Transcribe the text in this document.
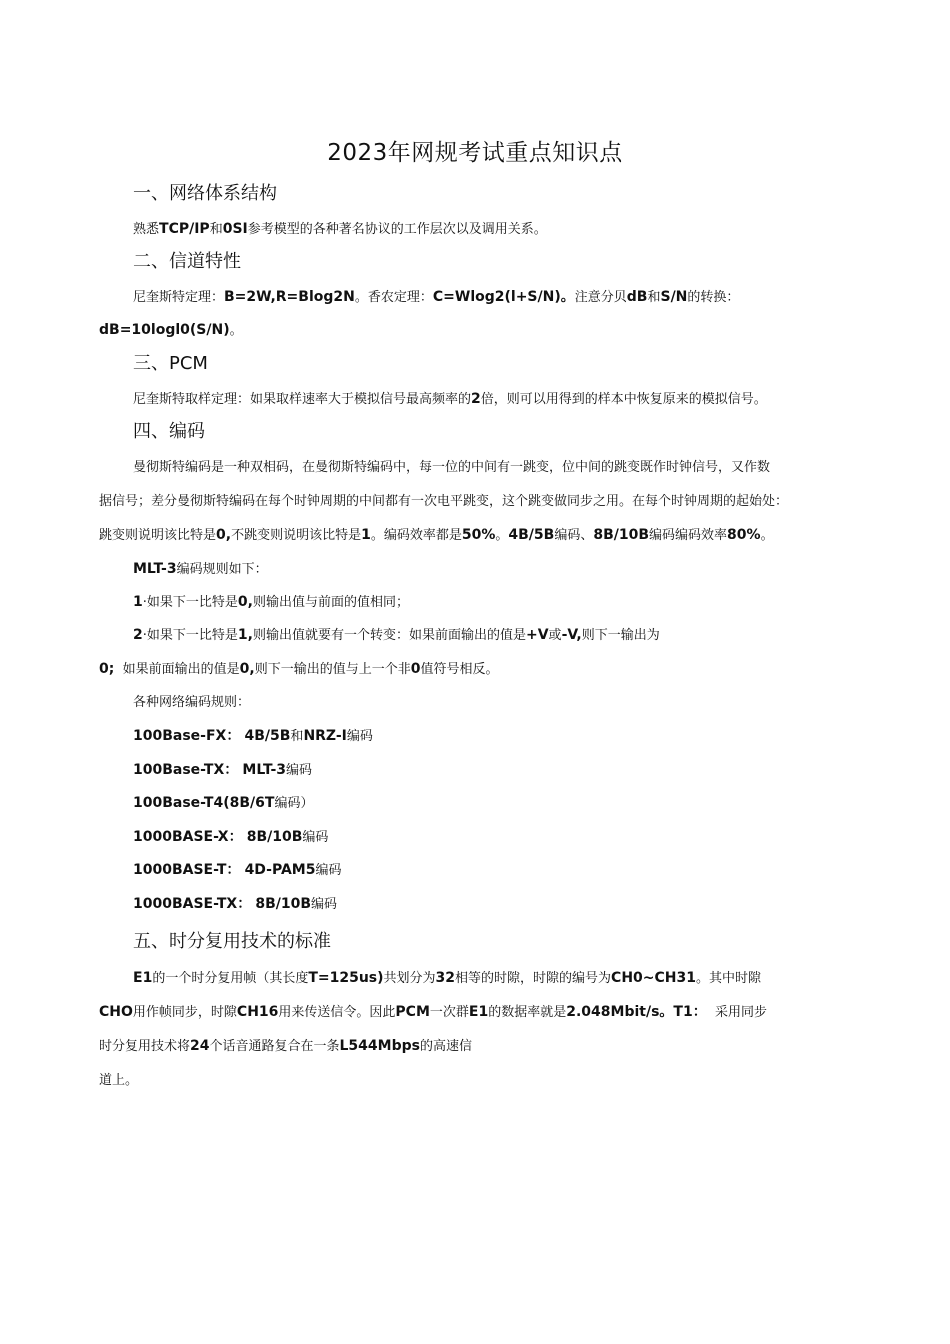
2023年网规考试重点知识点
一、网络体系结构
熟悉TCP/IP和0SI参考模型的各种著名协议的工作层次以及调用关系。
二、信道特性
尼奎斯特定理：B=2W,R=Blog2N。香农定理：C=Wlog2(l+S/N)。注意分贝dB和S/N的转换：
dB=10logl0(S/N)。
三、PCM
尼奎斯特取样定理：如果取样速率大于模拟信号最高频率的2倍，则可以用得到的样本中恢复原来的模拟信号。
四、编码
曼彻斯特编码是一种双相码，在曼彻斯特编码中，每一位的中间有一跳变，位中间的跳变既作时钟信号，又作数
据信号；差分曼彻斯特编码在每个时钟周期的中间都有一次电平跳变，这个跳变做同步之用。在每个时钟周期的起始处：
跳变则说明该比特是0,不跳变则说明该比特是1。编码效率都是50%。4B/5B编码、8B/10B编码编码效率80%。
MLT-3编码规则如下：
1·如果下一比特是0,则输出值与前面的值相同；
2·如果下一比特是1,则输出值就要有一个转变：如果前面输出的值是+V或-V,则下一输出为
0; 如果前面输出的值是0,则下一输出的值与上一个非0值符号相反。
各种网络编码规则：
100Base-FX： 4B/5B和NRZ-I编码
100Base-TX： MLT-3编码
100Base-T4(8B/6T编码）
1000BASE-X： 8B/10B编码
1000BASE-T： 4D-PAM5编码
1000BASE-TX： 8B/10B编码
五、时分复用技术的标准
E1的一个时分复用帧（其长度T=125us)共划分为32相等的时隙，时隙的编号为CH0~CH31。其中时隙
CHO用作帧同步，时隙CH16用来传送信令。因此PCM一次群E1的数据率就是2.048Mbit/s。T1： 采用同步
时分复用技术将24个话音通路复合在一条L544Mbps的高速信
道上。
